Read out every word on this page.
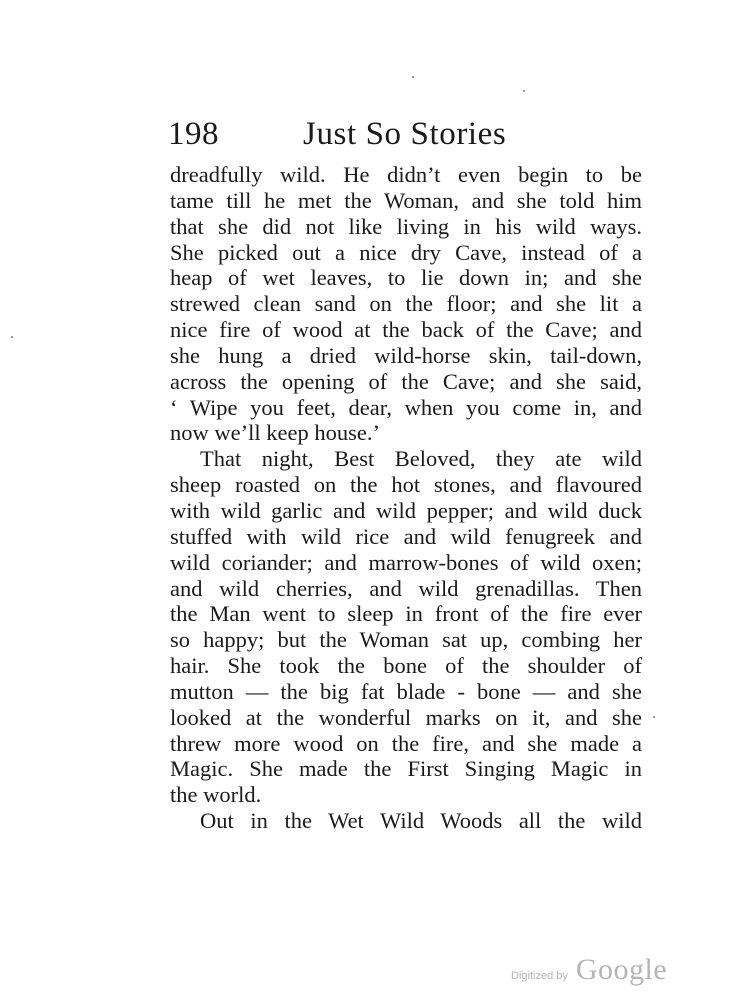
198	Just So Stories
dreadfully wild. He didn’t even begin to be
tame till he met the Woman, and she told him
that she did not like living in his wild ways.
She picked out a nice dry Cave, instead of a
heap of wet leaves, to lie down in; and she
strewed clean sand on the floor; and she lit a
nice fire of wood at the back of the Cave; and
she hung a dried wild-horse skin, tail-down,
across the opening of the Cave; and she said,
‘ Wipe you feet, dear, when you come in, and
now we’ll keep house.’
That night, Best Beloved, they ate wild
sheep roasted on the hot stones, and flavoured
with wild garlic and wild pepper; and wild duck
stuffed with wild rice and wild fenugreek and
wild coriander; and marrow-bones of wild oxen;
and wild cherries, and wild grenadillas. Then
the Man went to sleep in front of the fire ever
so happy; but the Woman sat up, combing her
hair. She took the bone of the shoulder of
mutton — the big fat blade - bone — and she
looked at the wonderful marks on it, and she
threw more wood on the fire, and she made a
Magic. She made the First Singing Magic in
the world.
Out in the Wet Wild Woods all the wild
Digitized by Google
